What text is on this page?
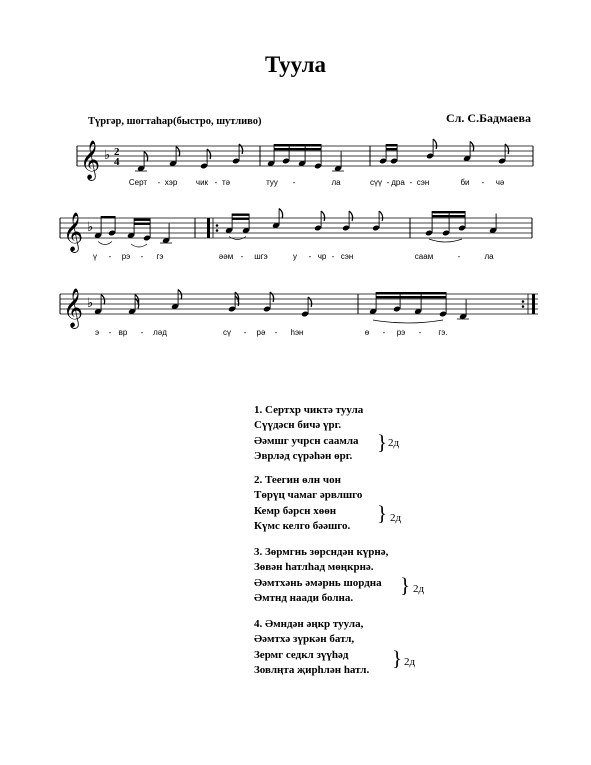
Туула
Түргәр, шогтаһар(быстро, шутливо)	Сл. С.Бадмаева
𝄞 ♭ 2
4
Серт - хэр чик - тә	туу -	ла	сүү - дра - сэн	би - чә
𝄞 ♭
ү - рэ - гэ	әәм - шгэ	у - чр - сэн	саам	-	ла
𝄞 ♭
э - вр - ләд	сү - рә - һэн	ө - рэ - гэ.
1. Сертхр чиктә туула
Сүүдәсн бичә үрг.
Әәмшг учрсн саамла
Эврләд сүрәһән өрг.
} 2д
2. Теегин өлн чон
Төрүц чамаг әрвлшго
Кемр бәрсн хөөн
Күмс келго бәәшго.
} 2д
3. Зөрмгнь зөрсндән күрнә,
Зөвән һатлһад мөңкрнә.
Әәмтхәнь әмәрнь шордна
Әмтнд наади болна.
} 2д
4. Әмндән әңкр туула,
Әәмтхә зүркән батл,
Зермг седкл зүүһәд
Зовлңта җирһлән һатл.
} 2д
